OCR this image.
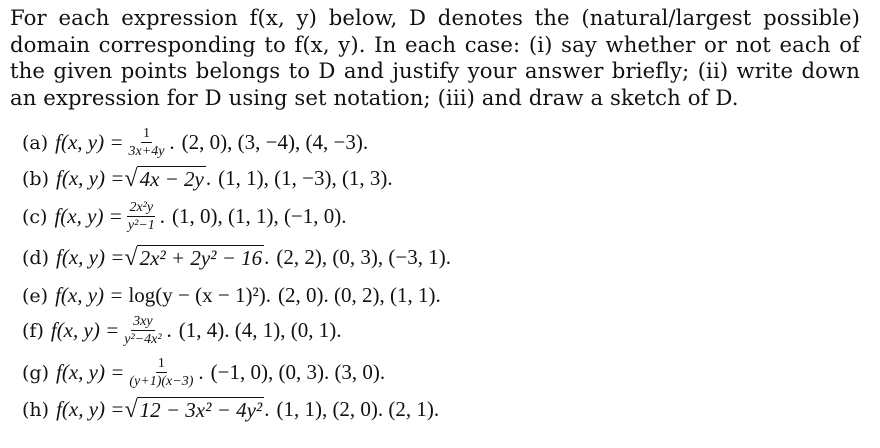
For each expression f(x, y) below, D denotes the (natural/largest possible) domain corresponding to f(x, y). In each case: (i) say whether or not each of the given points belongs to D and justify your answer briefly; (ii) write down an expression for D using set notation; (iii) and draw a sketch of D.
(a) f(x, $y) = \frac{1}{3x+4y}$ . (2, 0), (3, −4), (4, −3).
(b) f(x, y) = √ 4x − 2y . (1, 1), (1, −3), (1, 3).
(c) f(x, $y) = \frac{\text{2x²y}}{\text{y²−1}}$ . (1, 0), (1, 1), (−1, 0).
(d) f(x, y) = √ 2x² + 2y² − 16 . (2, 2), (0, 3), (−3, 1).
(e) f(x, y) = log(y − (x − 1)²). (2, 0). (0, 2), (1, 1).
(f) f(x, $y) = \frac{3xy}{\text{y²−4x²}}$ . (1, 4). (4, 1), (0, 1).
(g) f(x, $y) = \frac{1}{(y+1)(x-3)}$ . (−1, 0), (0, 3). (3, 0).
(h) f(x, y) = √ 12 − 3x² − 4y² . (1, 1), (2, 0). (2, 1).
